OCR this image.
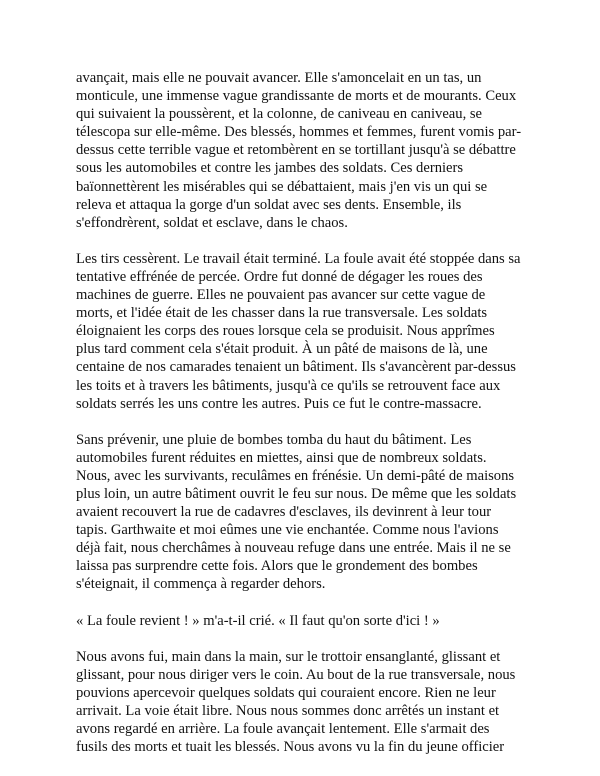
avançait, mais elle ne pouvait avancer. Elle s'amoncelait en un tas, un
monticule, une immense vague grandissante de morts et de mourants. Ceux
qui suivaient la poussèrent, et la colonne, de caniveau en caniveau, se
télescopa sur elle-même. Des blessés, hommes et femmes, furent vomis par-
dessus cette terrible vague et retombèrent en se tortillant jusqu'à se débattre
sous les automobiles et contre les jambes des soldats. Ces derniers
baïonnettèrent les misérables qui se débattaient, mais j'en vis un qui se
releva et attaqua la gorge d'un soldat avec ses dents. Ensemble, ils
s'effondrèrent, soldat et esclave, dans le chaos.

Les tirs cessèrent. Le travail était terminé. La foule avait été stoppée dans sa
tentative effrénée de percée. Ordre fut donné de dégager les roues des
machines de guerre. Elles ne pouvaient pas avancer sur cette vague de
morts, et l'idée était de les chasser dans la rue transversale. Les soldats
éloignaient les corps des roues lorsque cela se produisit. Nous apprîmes
plus tard comment cela s'était produit. À un pâté de maisons de là, une
centaine de nos camarades tenaient un bâtiment. Ils s'avancèrent par-dessus
les toits et à travers les bâtiments, jusqu'à ce qu'ils se retrouvent face aux
soldats serrés les uns contre les autres. Puis ce fut le contre-massacre.

Sans prévenir, une pluie de bombes tomba du haut du bâtiment. Les
automobiles furent réduites en miettes, ainsi que de nombreux soldats.
Nous, avec les survivants, reculâmes en frénésie. Un demi-pâté de maisons
plus loin, un autre bâtiment ouvrit le feu sur nous. De même que les soldats
avaient recouvert la rue de cadavres d'esclaves, ils devinrent à leur tour
tapis. Garthwaite et moi eûmes une vie enchantée. Comme nous l'avions
déjà fait, nous cherchâmes à nouveau refuge dans une entrée. Mais il ne se
laissa pas surprendre cette fois. Alors que le grondement des bombes
s'éteignait, il commença à regarder dehors.

« La foule revient ! » m'a-t-il crié. « Il faut qu'on sorte d'ici ! »

Nous avons fui, main dans la main, sur le trottoir ensanglanté, glissant et
glissant, pour nous diriger vers le coin. Au bout de la rue transversale, nous
pouvions apercevoir quelques soldats qui couraient encore. Rien ne leur
arrivait. La voie était libre. Nous nous sommes donc arrêtés un instant et
avons regardé en arrière. La foule avançait lentement. Elle s'armait des
fusils des morts et tuait les blessés. Nous avons vu la fin du jeune officier
